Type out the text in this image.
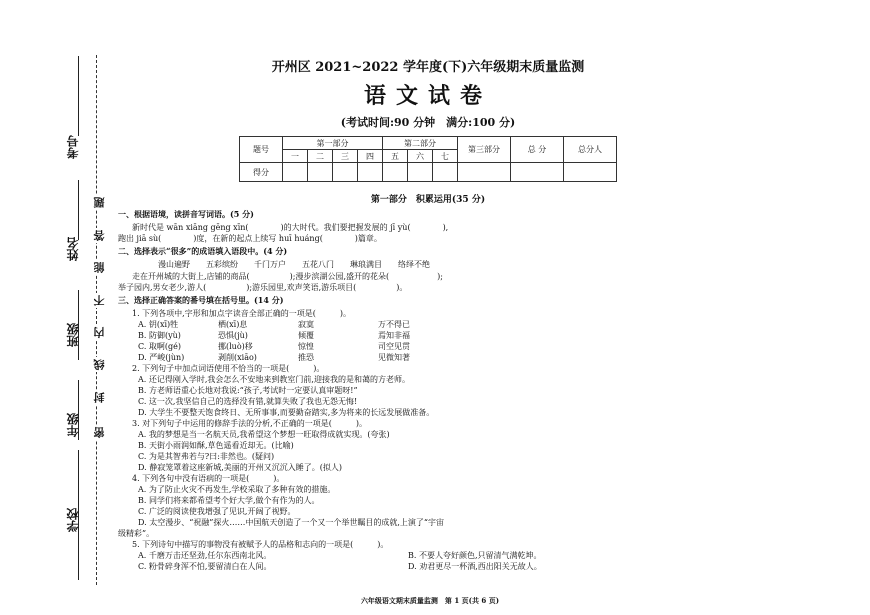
考号
姓名
班级
年级
学校
题
答
能
不
内
线
封
密
开州区 2021~2022 学年度(下)六年级期末质量监测
语文试卷
(考试时间:90 分钟　满分:100 分)
题号	第一部分				第二部分			第三部分	总 分	总分人
	一	二	三	四	五	六	七			
得分										
第一部分　积累运用(35 分)
一、根据语境，读拼音写词语。(5 分)
新时代是 wān xiāng gēng xīn(　　　　)的大时代。我们要把握发展的 jī yù(　　　　),
跑出 jiā sù(　　　　)度，在新的起点上续写 huī huáng(　　　　)篇章。
二、选择表示“很多”的成语填入语段中。(4 分)
漫山遍野 五彩缤纷 千门万户 五花八门 琳琅满目 络绎不绝
走在开州城的大街上,店铺的商品(　　　　　);漫步滨湖公园,盛开的花朵(　　　　　　);
举子园内,男女老少,游人(　　　　　);游乐园里,欢声笑语,游乐项目(　　　　　)。
三、选择正确答案的番号填在括号里。(14 分)
1. 下列各项中,字形和加点字读音全部正确的一项是(　　　)。
A. 钥(xī)牲	栖(xī)息	寂寞	万不得已
B. 防御(yù)	恐惧(jù)	倾覆	焉知非福
C. 取啊(gé)	挪(luò)移	惊惶	司空见贯
D. 严峻(jùn)	剥削(xiāo)	推恐	见微知著
2. 下列句子中加点词语使用不恰当的一项是(　　　)。
A. 还记得刚入学时,我会怎么不安地来到教室门前,迎接我的是和蔼的方老师。
B. 方老师语重心长地对我说:“孩子,考试时一定要认真审题呀!”
C. 这一次,我坚信自己的选择没有错,就算失败了我也无怨无悔!
D. 大学生不要整天饱食终日、无所事事,而要勤奋踏实,多为将来的长远发展做准备。
3. 对下列句子中运用的修辞手法的分析,不正确的一项是(　　　)。
A. 我的梦想是当一名航天员,我希望这个梦想一旺取得成就实现。(夸张)
B. 天街小雨润如酥,草色遥看近却无。(比喻)
C. 为是其智弗若与?曰:非然也。(疑问)
D. 静寂笼罩着这座新城,美丽的开州又沉沉入睡了。(拟人)
4. 下列各句中没有语病的一项是(　　　)。
A. 为了防止火灾不再发生,学校采取了多种有效的措施。
B. 同学们将来都希望考个好大学,做个有作为的人。
C. 广泛的阅读使我增强了见识,开阔了视野。
D. 太空漫步、“祝融”探火……中国航天创造了一个又一个举世瞩目的成就,上演了“宇宙
级精彩”。
5. 下列诗句中描写的事物没有被赋予人的品格和志向的一项是(　　　)。
A. 千磨万击还坚劲,任尔东西南北风。	B. 不要人夸好颜色,只留清气满乾坤。
C. 粉骨碎身浑不怕,要留清白在人间。	D. 劝君更尽一杯酒,西出阳关无故人。
六年级语文期末质量监测　第 1 页(共 6 页)
